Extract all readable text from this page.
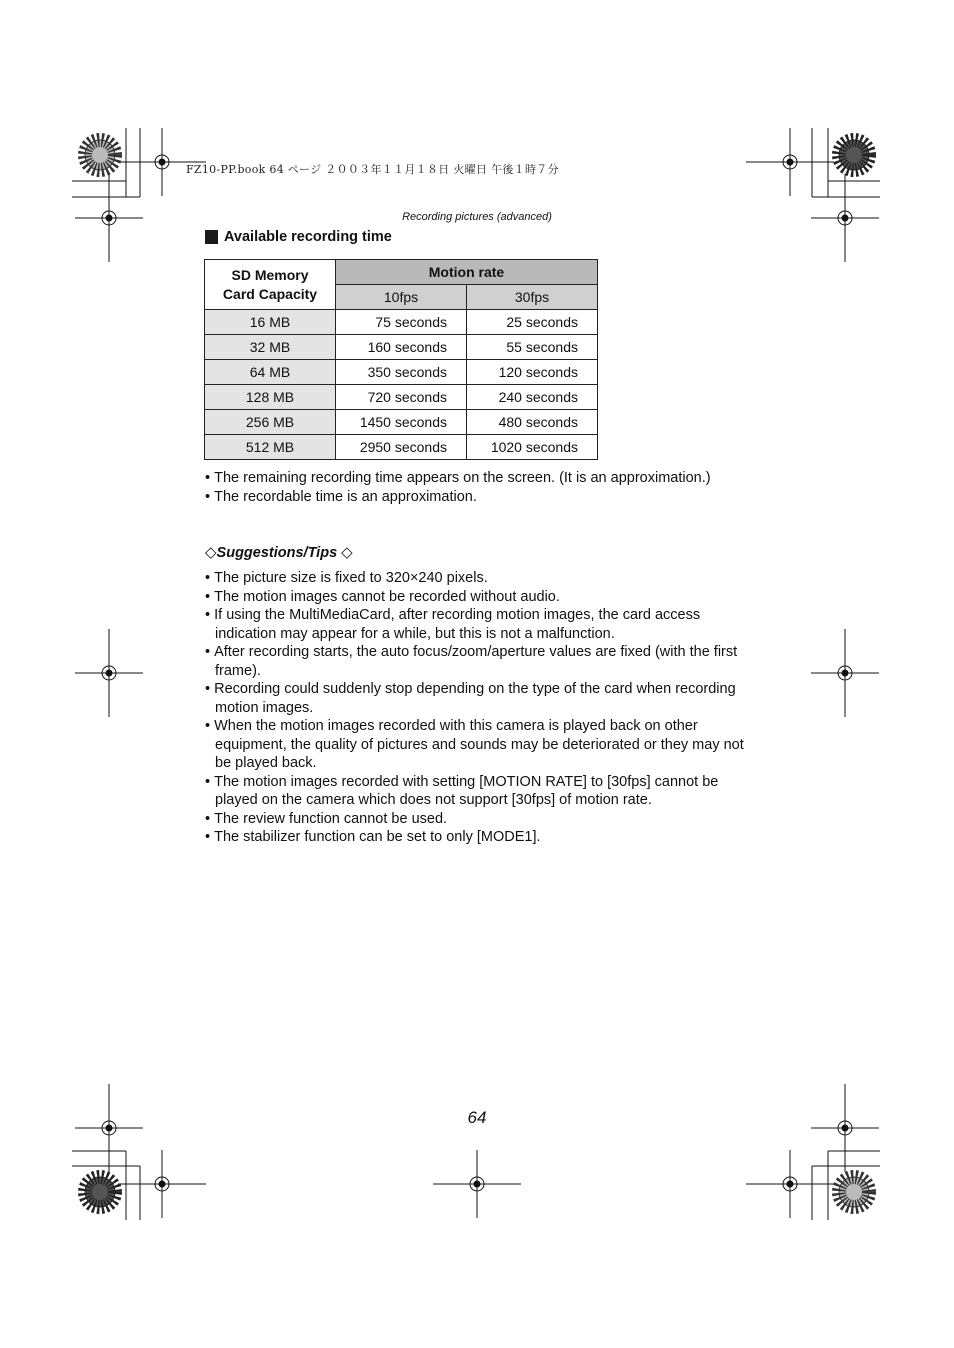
FZ10-PP.book 64 ページ ２００３年１１月１８日 火曜日 午後１時７分
Recording pictures (advanced)
Available recording time
SD Memory
Card Capacity	Motion rate	
	10fps	30fps
16 MB	75 seconds	25 seconds
32 MB	160 seconds	55 seconds
64 MB	350 seconds	120 seconds
128 MB	720 seconds	240 seconds
256 MB	1450 seconds	480 seconds
512 MB	2950 seconds	1020 seconds
• The remaining recording time appears on the screen. (It is an approximation.)
• The recordable time is an approximation.
◇Suggestions/Tips ◇
• The picture size is fixed to 320×240 pixels.
• The motion images cannot be recorded without audio.
• If using the MultiMediaCard, after recording motion images, the card access indication may appear for a while, but this is not a malfunction.
• After recording starts, the auto focus/zoom/aperture values are fixed (with the first frame).
• Recording could suddenly stop depending on the type of the card when recording motion images.
• When the motion images recorded with this camera is played back on other equipment, the quality of pictures and sounds may be deteriorated or they may not be played back.
• The motion images recorded with setting [MOTION RATE] to [30fps] cannot be played on the camera which does not support [30fps] of motion rate.
• The review function cannot be used.
• The stabilizer function can be set to only [MODE1].
64
